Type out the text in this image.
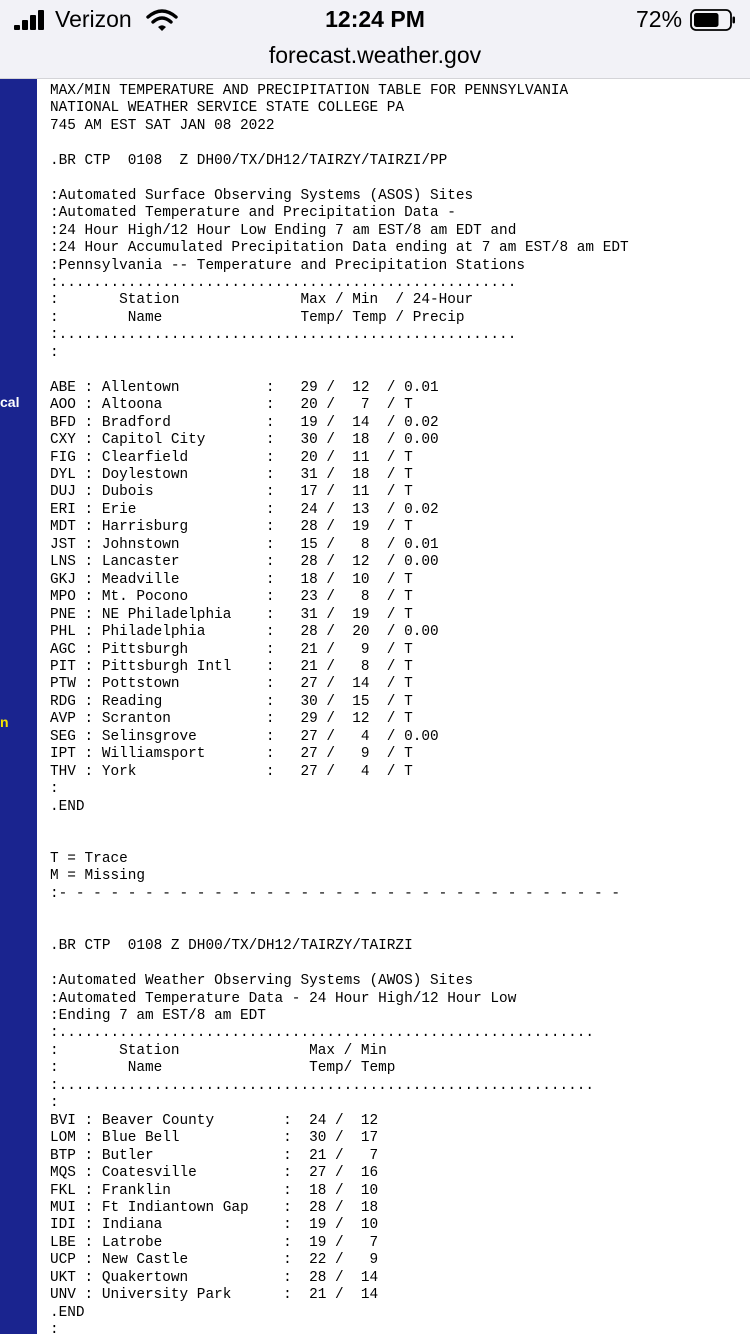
Verizon	12:24 PM	72%
forecast.weather.gov
cal
n
MAX/MIN TEMPERATURE AND PRECIPITATION TABLE FOR PENNSYLVANIA
NATIONAL WEATHER SERVICE STATE COLLEGE PA
745 AM EST SAT JAN 08 2022

.BR CTP  0108  Z DH00/TX/DH12/TAIRZY/TAIRZI/PP

:Automated Surface Observing Systems (ASOS) Sites
:Automated Temperature and Precipitation Data -
:24 Hour High/12 Hour Low Ending 7 am EST/8 am EDT and
:24 Hour Accumulated Precipitation Data ending at 7 am EST/8 am EDT
:Pennsylvania -- Temperature and Precipitation Stations
:.....................................................
:       Station              Max / Min  / 24-Hour
:        Name                Temp/ Temp / Precip
:.....................................................
:

ABE : Allentown          :   29 /  12  / 0.01
AOO : Altoona            :   20 /   7  / T
BFD : Bradford           :   19 /  14  / 0.02
CXY : Capitol City       :   30 /  18  / 0.00
FIG : Clearfield         :   20 /  11  / T
DYL : Doylestown         :   31 /  18  / T
DUJ : Dubois             :   17 /  11  / T
ERI : Erie               :   24 /  13  / 0.02
MDT : Harrisburg         :   28 /  19  / T
JST : Johnstown          :   15 /   8  / 0.01
LNS : Lancaster          :   28 /  12  / 0.00
GKJ : Meadville          :   18 /  10  / T
MPO : Mt. Pocono         :   23 /   8  / T
PNE : NE Philadelphia    :   31 /  19  / T
PHL : Philadelphia       :   28 /  20  / 0.00
AGC : Pittsburgh         :   21 /   9  / T
PIT : Pittsburgh Intl    :   21 /   8  / T
PTW : Pottstown          :   27 /  14  / T
RDG : Reading            :   30 /  15  / T
AVP : Scranton           :   29 /  12  / T
SEG : Selinsgrove        :   27 /   4  / 0.00
IPT : Williamsport       :   27 /   9  / T
THV : York               :   27 /   4  / T
:
.END

T = Trace
M = Missing
:- - - - - - - - - - - - - - - - - - - - - - - - - - - - - - - - -

.BR CTP  0108 Z DH00/TX/DH12/TAIRZY/TAIRZI

:Automated Weather Observing Systems (AWOS) Sites
:Automated Temperature Data - 24 Hour High/12 Hour Low
:Ending 7 am EST/8 am EDT
:..............................................................
:       Station               Max / Min
:        Name                 Temp/ Temp
:..............................................................
:
BVI : Beaver County        :  24 /  12
LOM : Blue Bell            :  30 /  17
BTP : Butler               :  21 /   7
MQS : Coatesville          :  27 /  16
FKL : Franklin             :  18 /  10
MUI : Ft Indiantown Gap    :  28 /  18
IDI : Indiana              :  19 /  10
LBE : Latrobe              :  19 /   7
UCP : New Castle           :  22 /   9
UKT : Quakertown           :  28 /  14
UNV : University Park      :  21 /  14
.END
:
